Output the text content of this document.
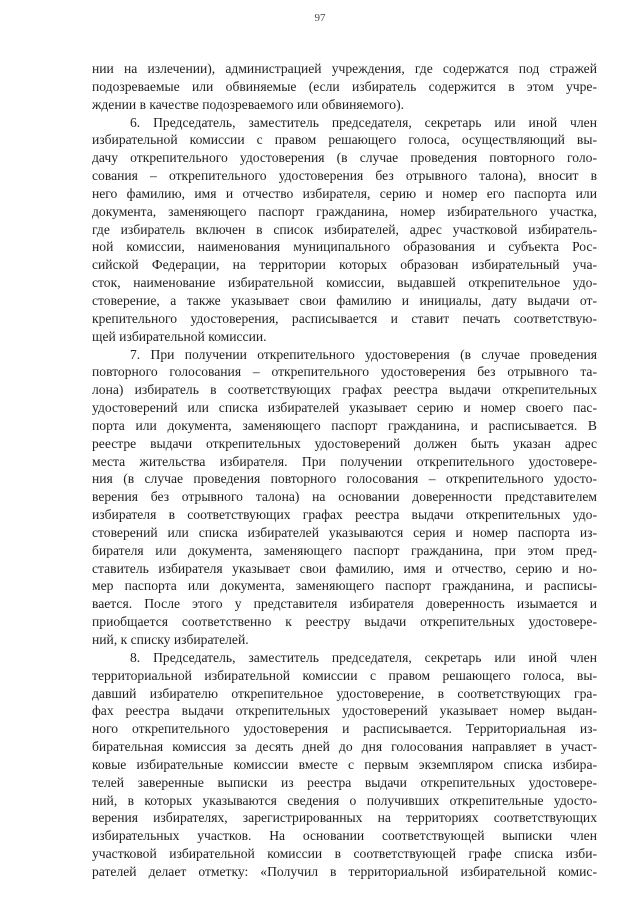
97
нии на излечении), администрацией учреждения, где содержатся под стражей
подозреваемые или обвиняемые (если избиратель содержится в этом учре-
ждении в качестве подозреваемого или обвиняемого).
6. Председатель, заместитель председателя, секретарь или иной член
избирательной комиссии с правом решающего голоса, осуществляющий вы-
дачу открепительного удостоверения (в случае проведения повторного голо-
сования – открепительного удостоверения без отрывного талона), вносит в
него фамилию, имя и отчество избирателя, серию и номер его паспорта или
документа, заменяющего паспорт гражданина, номер избирательного участка,
где избиратель включен в список избирателей, адрес участковой избиратель-
ной комиссии, наименования муниципального образования и субъекта Рос-
сийской Федерации, на территории которых образован избирательный уча-
сток, наименование избирательной комиссии, выдавшей открепительное удо-
стоверение, а также указывает свои фамилию и инициалы, дату выдачи от-
крепительного удостоверения, расписывается и ставит печать соответствую-
щей избирательной комиссии.
7. При получении открепительного удостоверения (в случае проведения
повторного голосования – открепительного удостоверения без отрывного та-
лона) избиратель в соответствующих графах реестра выдачи открепительных
удостоверений или списка избирателей указывает серию и номер своего пас-
порта или документа, заменяющего паспорт гражданина, и расписывается. В
реестре выдачи открепительных удостоверений должен быть указан адрес
места жительства избирателя. При получении открепительного удостовере-
ния (в случае проведения повторного голосования – открепительного удосто-
верения без отрывного талона) на основании доверенности представителем
избирателя в соответствующих графах реестра выдачи открепительных удо-
стоверений или списка избирателей указываются серия и номер паспорта из-
бирателя или документа, заменяющего паспорт гражданина, при этом пред-
ставитель избирателя указывает свои фамилию, имя и отчество, серию и но-
мер паспорта или документа, заменяющего паспорт гражданина, и расписы-
вается. После этого у представителя избирателя доверенность изымается и
приобщается соответственно к реестру выдачи открепительных удостовере-
ний, к списку избирателей.
8. Председатель, заместитель председателя, секретарь или иной член
территориальной избирательной комиссии с правом решающего голоса, вы-
давший избирателю открепительное удостоверение, в соответствующих гра-
фах реестра выдачи открепительных удостоверений указывает номер выдан-
ного открепительного удостоверения и расписывается. Территориальная из-
бирательная комиссия за десять дней до дня голосования направляет в участ-
ковые избирательные комиссии вместе с первым экземпляром списка избира-
телей заверенные выписки из реестра выдачи открепительных удостовере-
ний, в которых указываются сведения о получивших открепительные удосто-
верения избирателях, зарегистрированных на территориях соответствующих
избирательных участков. На основании соответствующей выписки член
участковой избирательной комиссии в соответствующей графе списка изби-
рателей делает отметку: «Получил в территориальной избирательной комис-
